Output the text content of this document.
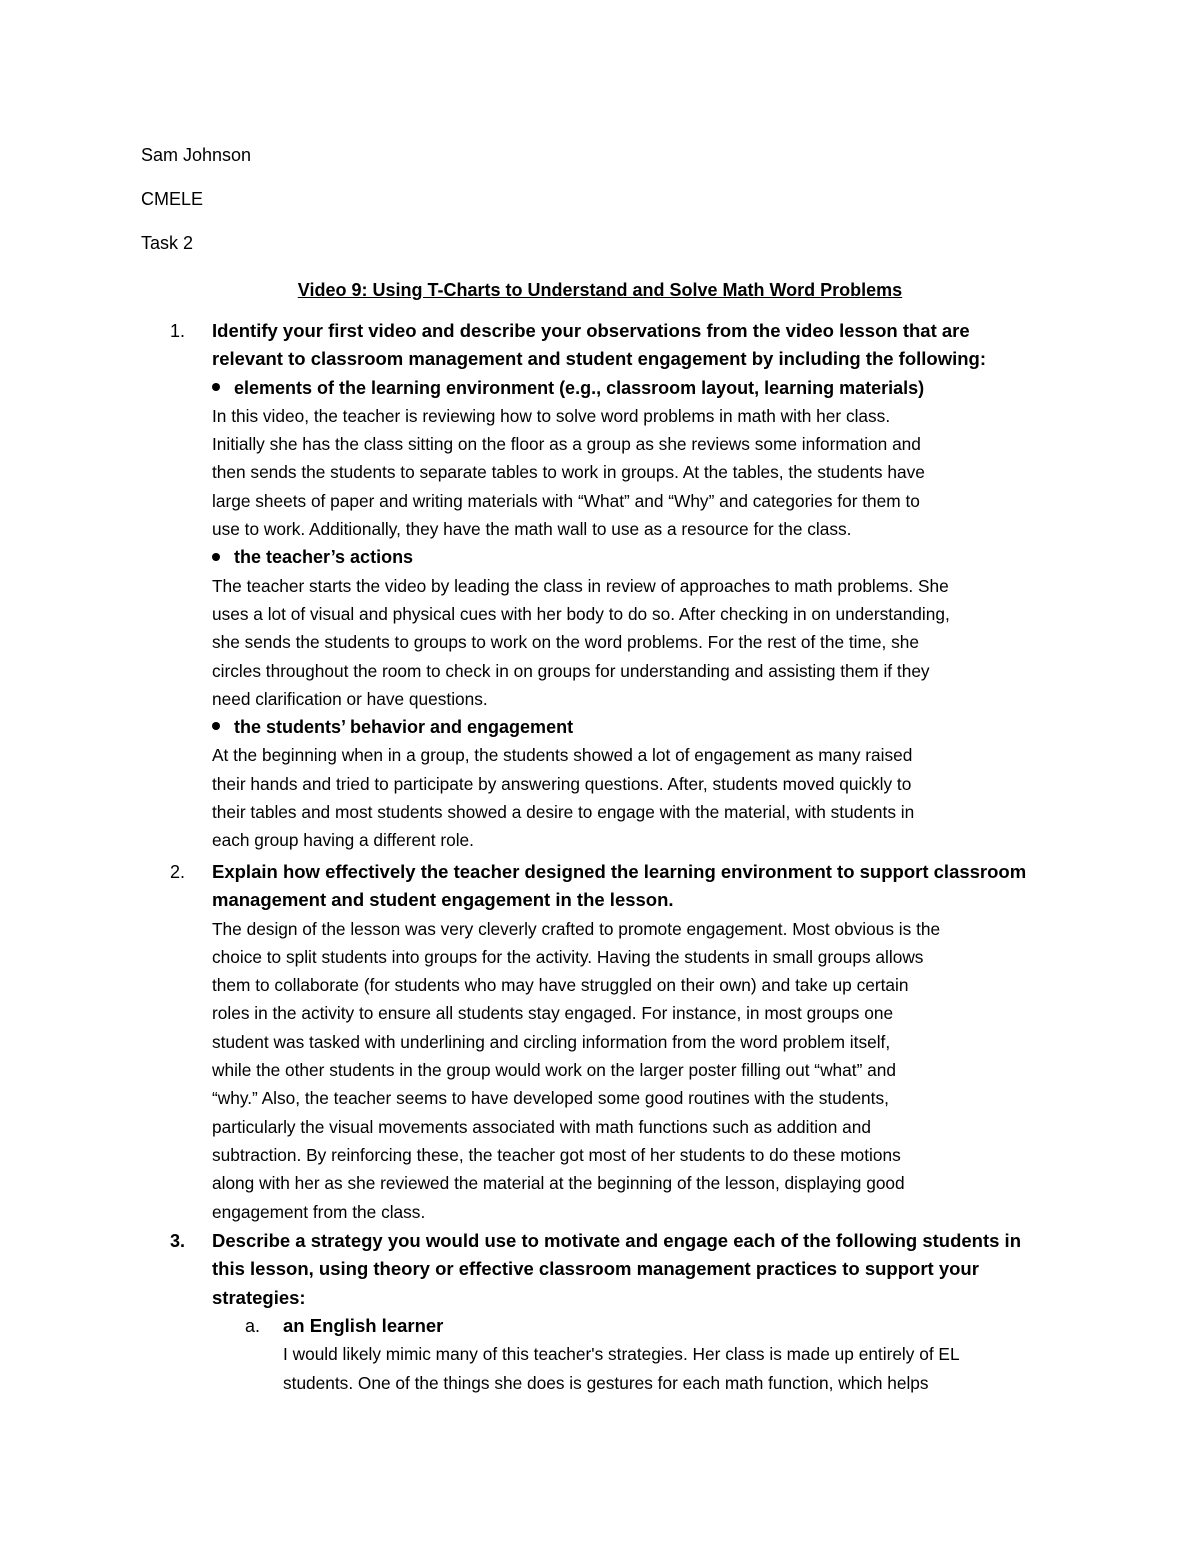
Sam Johnson

CMELE

Task 2

Video 9: Using T-Charts to Understand and Solve Math Word Problems

1. Identify your first video and describe your observations from the video lesson that are
relevant to classroom management and student engagement by including the following:
elements of the learning environment (e.g., classroom layout, learning materials)
In this video, the teacher is reviewing how to solve word problems in math with her class.
Initially she has the class sitting on the floor as a group as she reviews some information and
then sends the students to separate tables to work in groups. At the tables, the students have
large sheets of paper and writing materials with “What” and “Why” and categories for them to
use to work. Additionally, they have the math wall to use as a resource for the class.
the teacher’s actions
The teacher starts the video by leading the class in review of approaches to math problems. She
uses a lot of visual and physical cues with her body to do so. After checking in on understanding,
she sends the students to groups to work on the word problems. For the rest of the time, she
circles throughout the room to check in on groups for understanding and assisting them if they
need clarification or have questions.
the students’ behavior and engagement
At the beginning when in a group, the students showed a lot of engagement as many raised
their hands and tried to participate by answering questions. After, students moved quickly to
their tables and most students showed a desire to engage with the material, with students in
each group having a different role.
2. Explain how effectively the teacher designed the learning environment to support classroom
management and student engagement in the lesson.
The design of the lesson was very cleverly crafted to promote engagement. Most obvious is the
choice to split students into groups for the activity. Having the students in small groups allows
them to collaborate (for students who may have struggled on their own) and take up certain
roles in the activity to ensure all students stay engaged. For instance, in most groups one
student was tasked with underlining and circling information from the word problem itself,
while the other students in the group would work on the larger poster filling out “what” and
“why.” Also, the teacher seems to have developed some good routines with the students,
particularly the visual movements associated with math functions such as addition and
subtraction. By reinforcing these, the teacher got most of her students to do these motions
along with her as she reviewed the material at the beginning of the lesson, displaying good
engagement from the class.
3. Describe a strategy you would use to motivate and engage each of the following students in
this lesson, using theory or effective classroom management practices to support your
strategies:
a. an English learner
I would likely mimic many of this teacher's strategies. Her class is made up entirely of EL
students. One of the things she does is gestures for each math function, which helps
